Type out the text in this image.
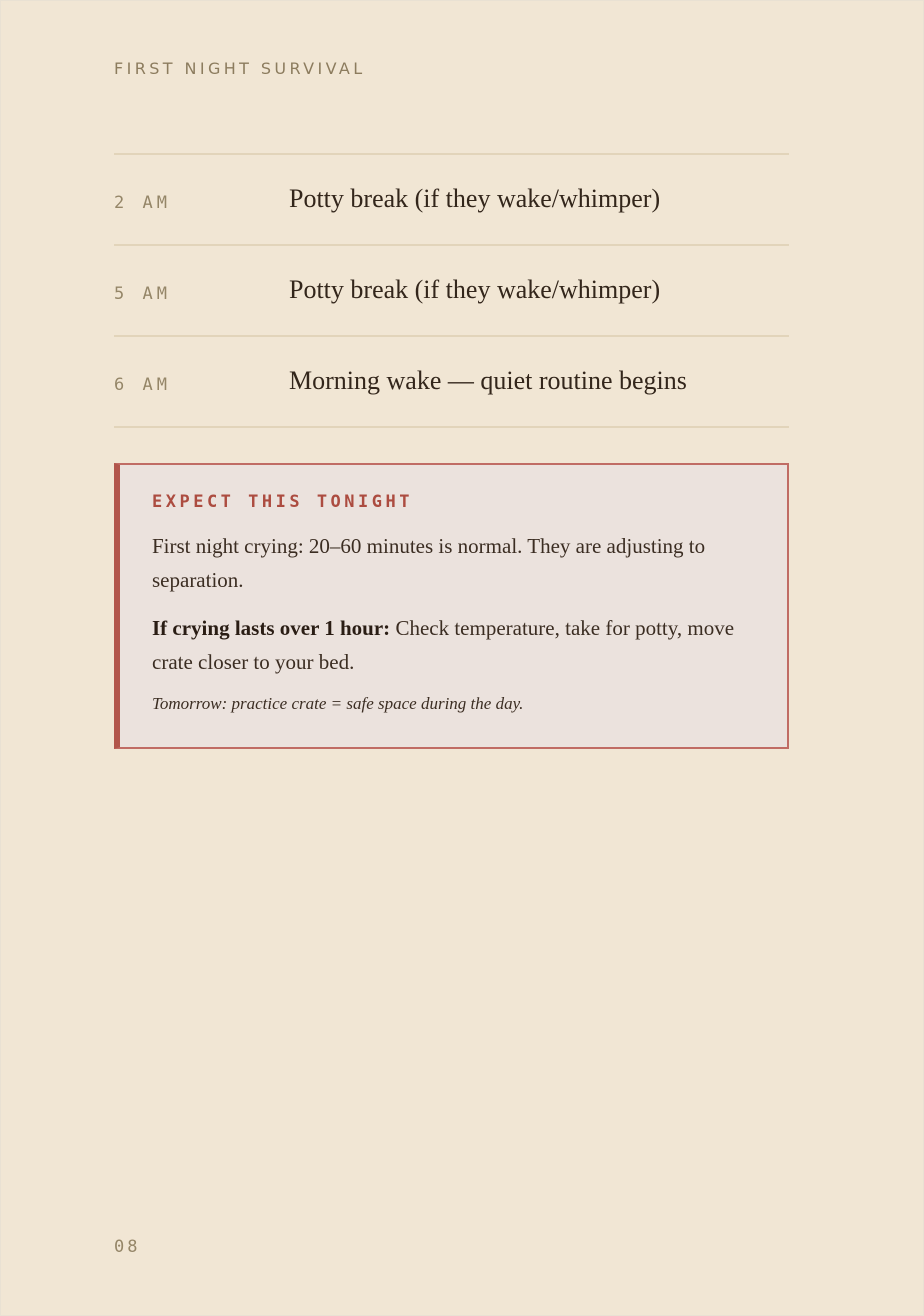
FIRST NIGHT SURVIVAL
2 AM	Potty break (if they wake/whimper)
5 AM	Potty break (if they wake/whimper)
6 AM	Morning wake — quiet routine begins
EXPECT THIS TONIGHT
First night crying: 20–60 minutes is normal. They are adjusting to separation.
If crying lasts over 1 hour: Check temperature, take for potty, move crate closer to your bed.
Tomorrow: practice crate = safe space during the day.
08
